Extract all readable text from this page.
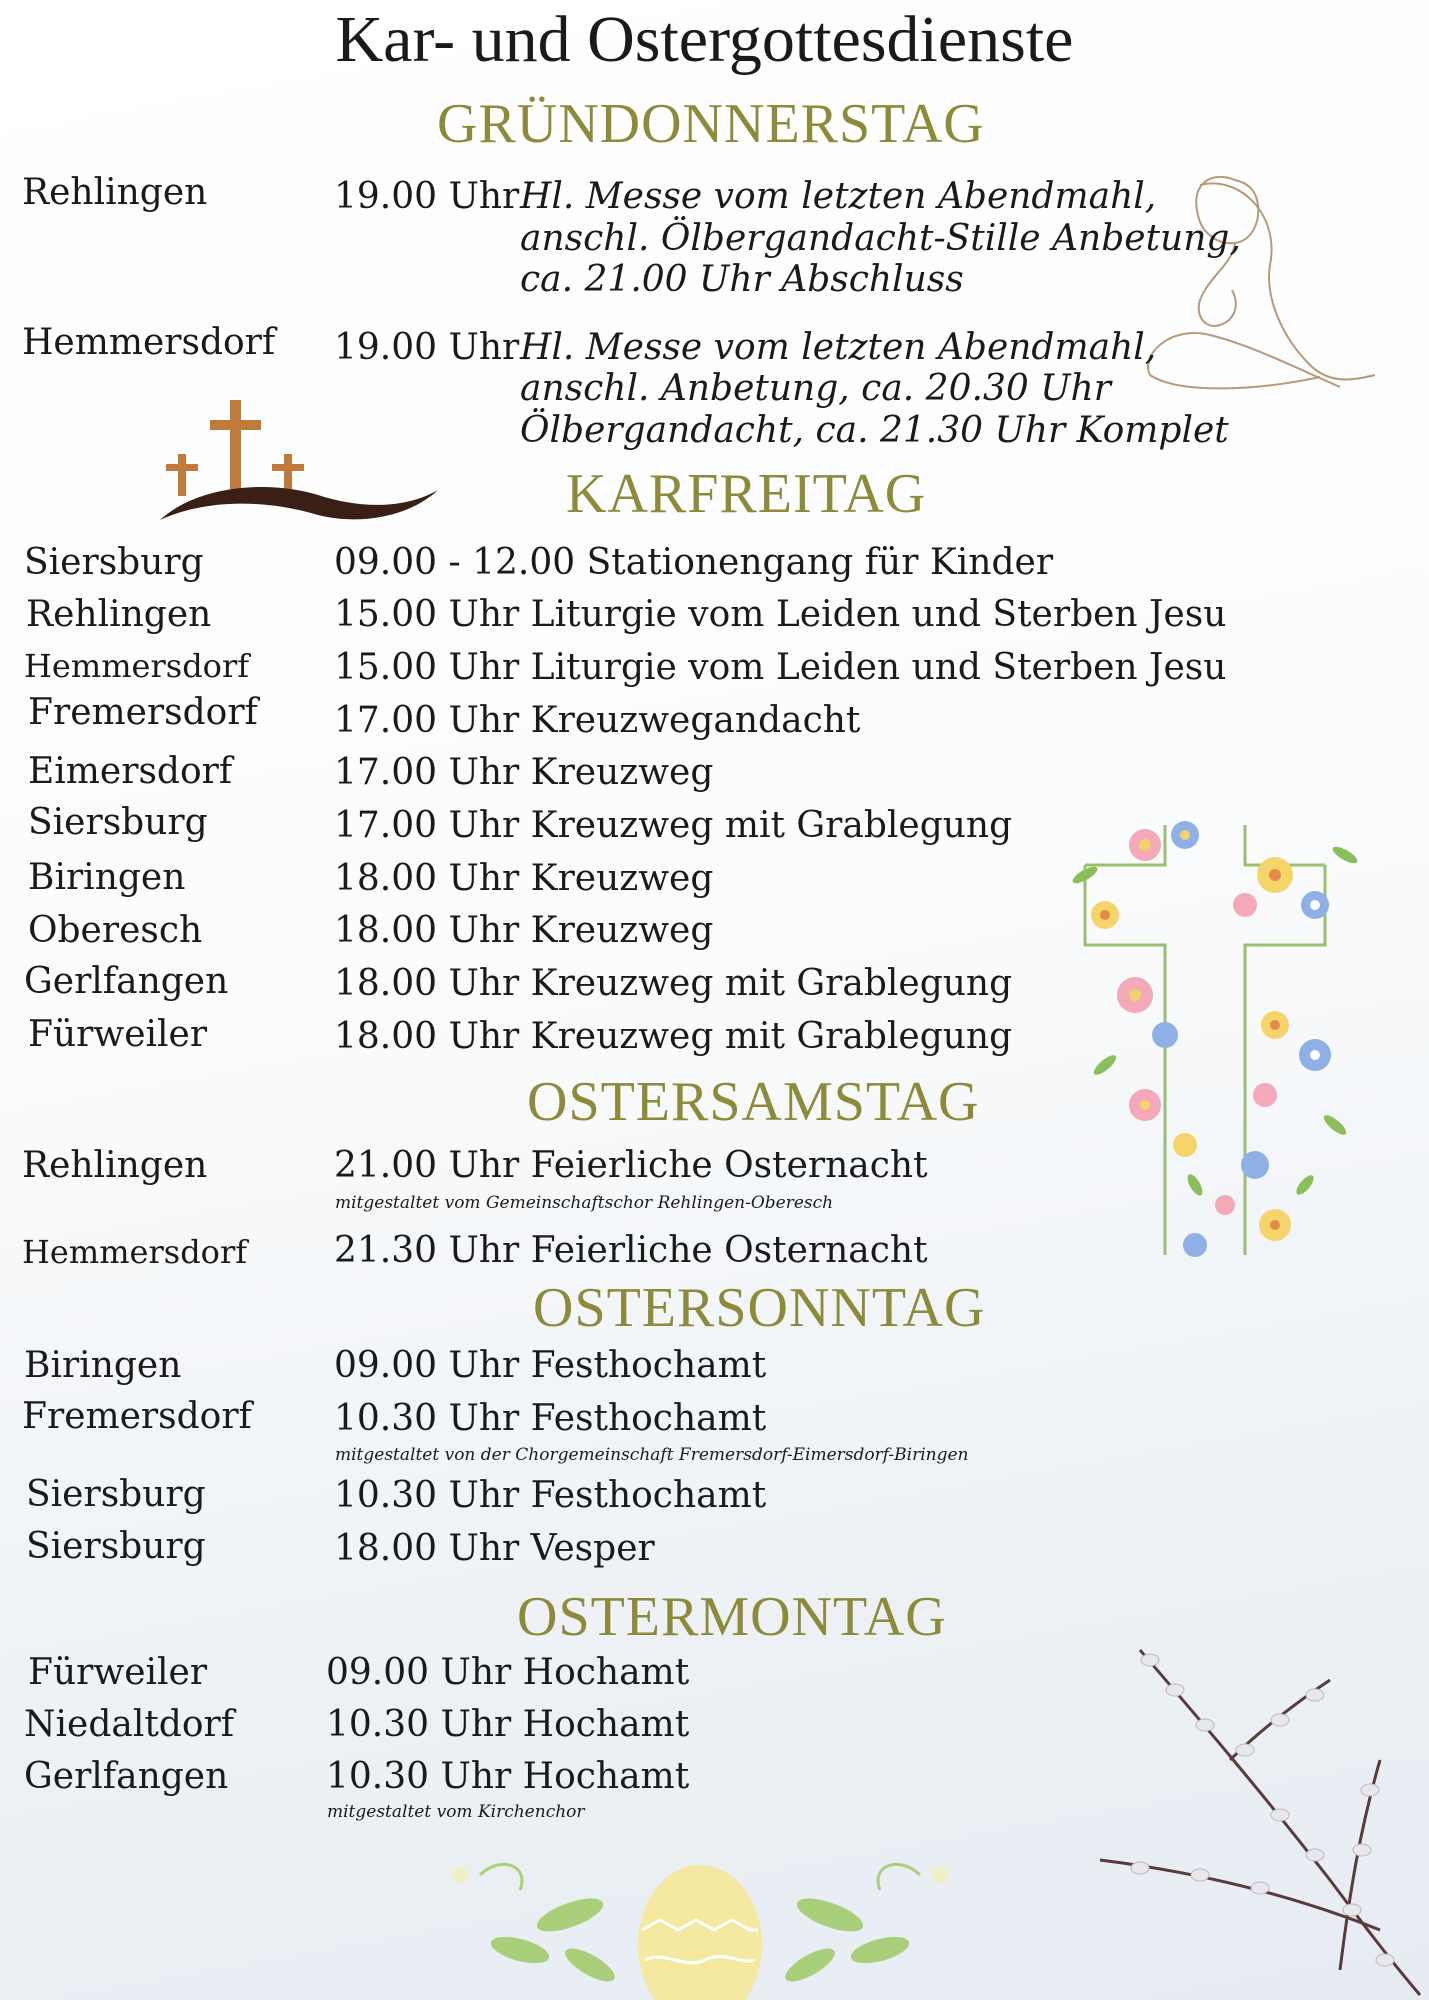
Kar- und Ostergottesdienste
GRÜNDONNERSTAG
Rehlingen	19.00 Uhr Hl. Messe vom letzten Abendmahl,
anschl. Ölbergandacht-Stille Anbetung,
ca. 21.00 Uhr Abschluss
Hemmersdorf 19.00 Uhr Hl. Messe vom letzten Abendmahl,
anschl. Anbetung, ca. 20.30 Uhr
Ölbergandacht, ca. 21.30 Uhr Komplet
KARFREITAG
Siersburg	09.00 - 12.00 Stationengang für Kinder
Rehlingen	15.00 Uhr Liturgie vom Leiden und Sterben Jesu
Hemmersdorf 15.00 Uhr Liturgie vom Leiden und Sterben Jesu
Fremersdorf 17.00 Uhr Kreuzwegandacht
Eimersdorf	17.00 Uhr Kreuzweg
Siersburg	17.00 Uhr Kreuzweg mit Grablegung
Biringen	18.00 Uhr Kreuzweg
Oberesch	18.00 Uhr Kreuzweg
Gerlfangen	18.00 Uhr Kreuzweg mit Grablegung
Fürweiler	18.00 Uhr Kreuzweg mit Grablegung
OSTERSAMSTAG
Rehlingen	21.00 Uhr Feierliche Osternacht
mitgestaltet vom Gemeinschaftschor Rehlingen-Oberesch
Hemmersdorf 21.30 Uhr Feierliche Osternacht
OSTERSONNTAG
Biringen	09.00 Uhr Festhochamt
Fremersdorf 10.30 Uhr Festhochamt
mitgestaltet von der Chorgemeinschaft Fremersdorf-Eimersdorf-Biringen
Siersburg	10.30 Uhr Festhochamt
Siersburg	18.00 Uhr Vesper
OSTERMONTAG
Fürweiler	09.00 Uhr Hochamt
Niedaltdorf	10.30 Uhr Hochamt
Gerlfangen	10.30 Uhr Hochamt
mitgestaltet vom Kirchenchor
